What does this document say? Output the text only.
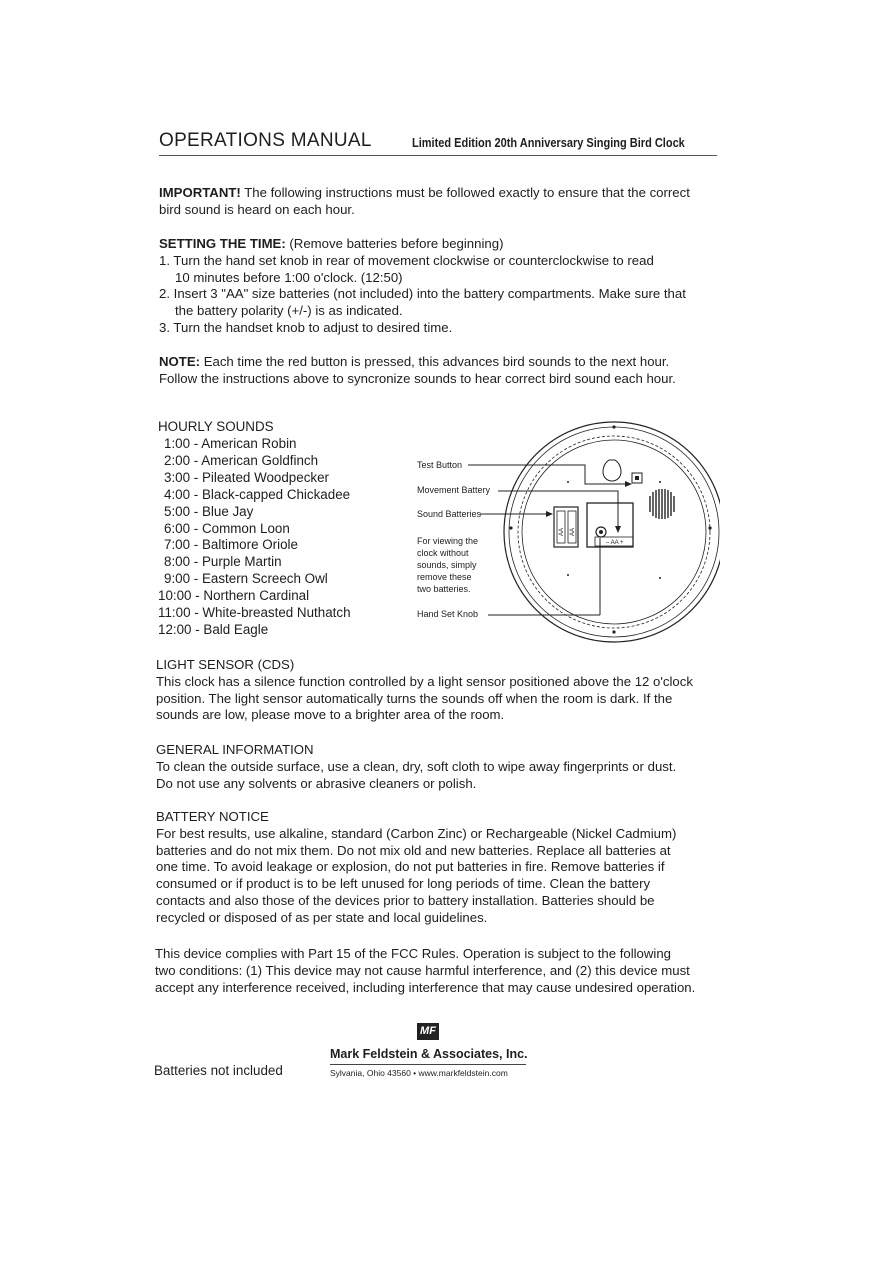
OPERATIONS MANUAL	Limited Edition 20th Anniversary Singing Bird Clock
IMPORTANT! The following instructions must be followed exactly to ensure that the correct
bird sound is heard on each hour.
SETTING THE TIME: (Remove batteries before beginning)
1. Turn the hand set knob in rear of movement clockwise or counterclockwise to read
10 minutes before 1:00 o'clock. (12:50)
2. Insert 3 "AA" size batteries (not included) into the battery compartments. Make sure that
the battery polarity (+/-) is as indicated.
3. Turn the handset knob to adjust to desired time.
NOTE: Each time the red button is pressed, this advances bird sounds to the next hour.
Follow the instructions above to syncronize sounds to hear correct bird sound each hour.
HOURLY SOUNDS
1:00 - American Robin
2:00 - American Goldfinch
3:00 - Pileated Woodpecker
4:00 - Black-capped Chickadee
5:00 - Blue Jay
6:00 - Common Loon
7:00 - Baltimore Oriole
8:00 - Purple Martin
9:00 - Eastern Screech Owl
10:00 - Northern Cardinal
11:00 - White-breasted Nuthatch
12:00 - Bald Eagle
– AA +
AA AA
Test Button
Movement Battery
Sound Batteries
For viewing the
clock without
sounds, simply
remove these
two batteries.
Hand Set Knob
LIGHT SENSOR (CDS)
This clock has a silence function controlled by a light sensor positioned above the 12 o'clock
position. The light sensor automatically turns the sounds off when the room is dark. If the
sounds are low, please move to a brighter area of the room.
GENERAL INFORMATION
To clean the outside surface, use a clean, dry, soft cloth to wipe away fingerprints or dust.
Do not use any solvents or abrasive cleaners or polish.
BATTERY NOTICE
For best results, use alkaline, standard (Carbon Zinc) or Rechargeable (Nickel Cadmium)
batteries and do not mix them. Do not mix old and new batteries. Replace all batteries at
one time. To avoid leakage or explosion, do not put batteries in fire. Remove batteries if
consumed or if product is to be left unused for long periods of time. Clean the battery
contacts and also those of the devices prior to battery installation. Batteries should be
recycled or disposed of as per state and local guidelines.
This device complies with Part 15 of the FCC Rules. Operation is subject to the following
two conditions: (1) This device may not cause harmful interference, and (2) this device must
accept any interference received, including interference that may cause undesired operation.
MF
Mark Feldstein & Associates, Inc.
Sylvania, Ohio 43560 • www.markfeldstein.com
Batteries not included
